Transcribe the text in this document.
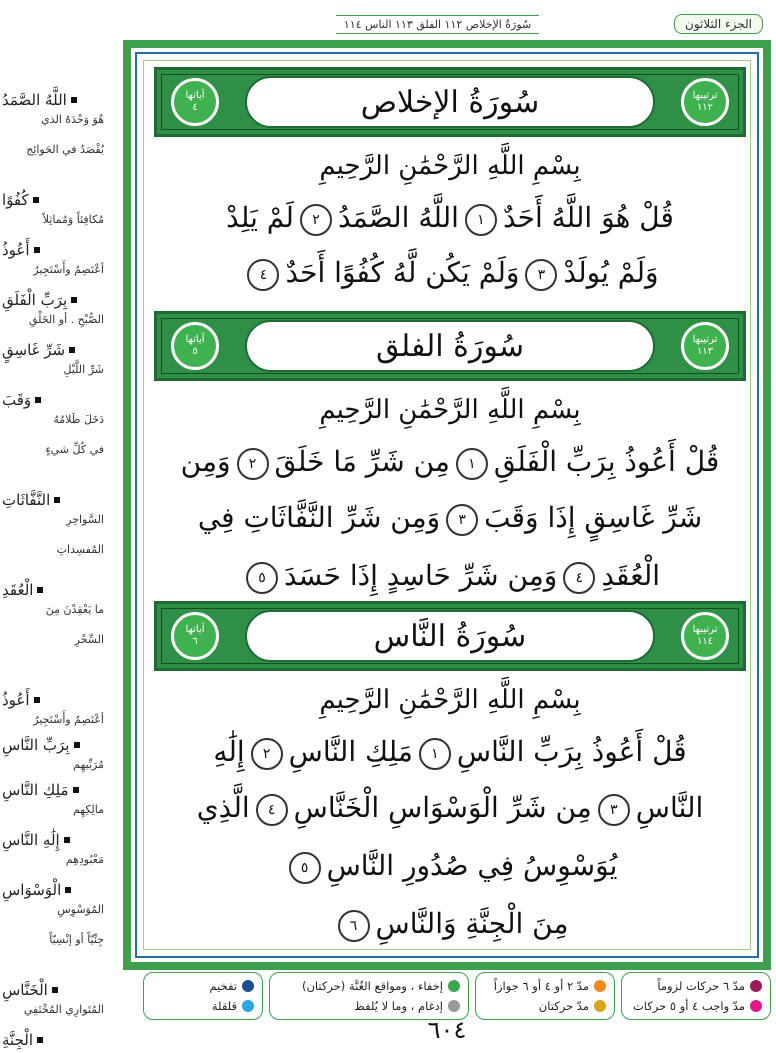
اللَّهُ الصَّمَدُ
هُوَ وَحْدَهُ الذي
يُقْصَدُ في الحَوائِج
كُفُوًا
مُكافِئاً وَمُماثِلاً
أَعُوذُ
أعْتَصِمُ وأَسْتَجِيرُ
بِرَبِّ الْفَلَقِ
الصُّبْحِ . أو الخَلْقِ
شَرِّ غَاسِقٍ
شَرِّ اللَّيْلِ
وَقَبَ
دَخَلَ ظَلامُهُ
في كُلِّ شيءٍ
النَّفَّاثَاتِ
السَّواحِرِ
المُفسِداتِ
الْعُقَدِ
ما يَعْقِدْنَ مِنَ
السِّحْرِ
أَعُوذُ
أعْتَصِمُ وأَسْتَجِيرُ
بِرَبِّ النَّاسِ
مُرَبِّيهِم
مَلِكِ النَّاسِ
مالِكِهِم
إِلَٰهِ النَّاسِ
مَعْبُودِهِم
الْوَسْوَاسِ
المُوَسْوِسِ
جِنِّيّاً أو إنْسِيّاً
الْخَنَّاسِ
المُتَوارِي المُخْتَفِي
الْجِنَّةِ
سُورَةُ الإخلاص ١١٢ الفلق ١١٣ الناس ١١٤	الجزء الثلاثون
آياتها
٤	سُورَةُ الإخلاص	ترتيبها
١١٢
بِسْمِ اللَّهِ الرَّحْمَٰنِ الرَّحِيمِ
قُلْ هُوَ اللَّهُ أَحَدٌ١اللَّهُ الصَّمَدُ٢لَمْ يَلِدْ
وَلَمْ يُولَدْ٣وَلَمْ يَكُن لَّهُ كُفُوًا أَحَدٌ٤
آياتها
٥	سُورَةُ الفلق	ترتيبها
١١٣
بِسْمِ اللَّهِ الرَّحْمَٰنِ الرَّحِيمِ
قُلْ أَعُوذُ بِرَبِّ الْفَلَقِ١مِن شَرِّ مَا خَلَقَ٢وَمِن
شَرِّ غَاسِقٍ إِذَا وَقَبَ٣وَمِن شَرِّ النَّفَّاثَاتِ فِي
الْعُقَدِ٤وَمِن شَرِّ حَاسِدٍ إِذَا حَسَدَ٥
آياتها
٦	سُورَةُ النَّاس	ترتيبها
١١٤
بِسْمِ اللَّهِ الرَّحْمَٰنِ الرَّحِيمِ
قُلْ أَعُوذُ بِرَبِّ النَّاسِ١مَلِكِ النَّاسِ٢إِلَٰهِ
النَّاسِ٣مِن شَرِّ الْوَسْوَاسِ الْخَنَّاسِ٤الَّذِي
يُوَسْوِسُ فِي صُدُورِ النَّاسِ٥
مِنَ الْجِنَّةِ وَالنَّاسِ٦
مدّ ٦ حركات لزوماً
مدّ واجب ٤ أو ٥ حركات
مدّ ٢ أو ٤ أو ٦ جوازاً
مدّ حركتان
إخفاء ، ومواقع الغُنَّة (حركتان)
إدغام ، وما لا يُلفظ
تفخيم
قلقلة
٦٠٤
